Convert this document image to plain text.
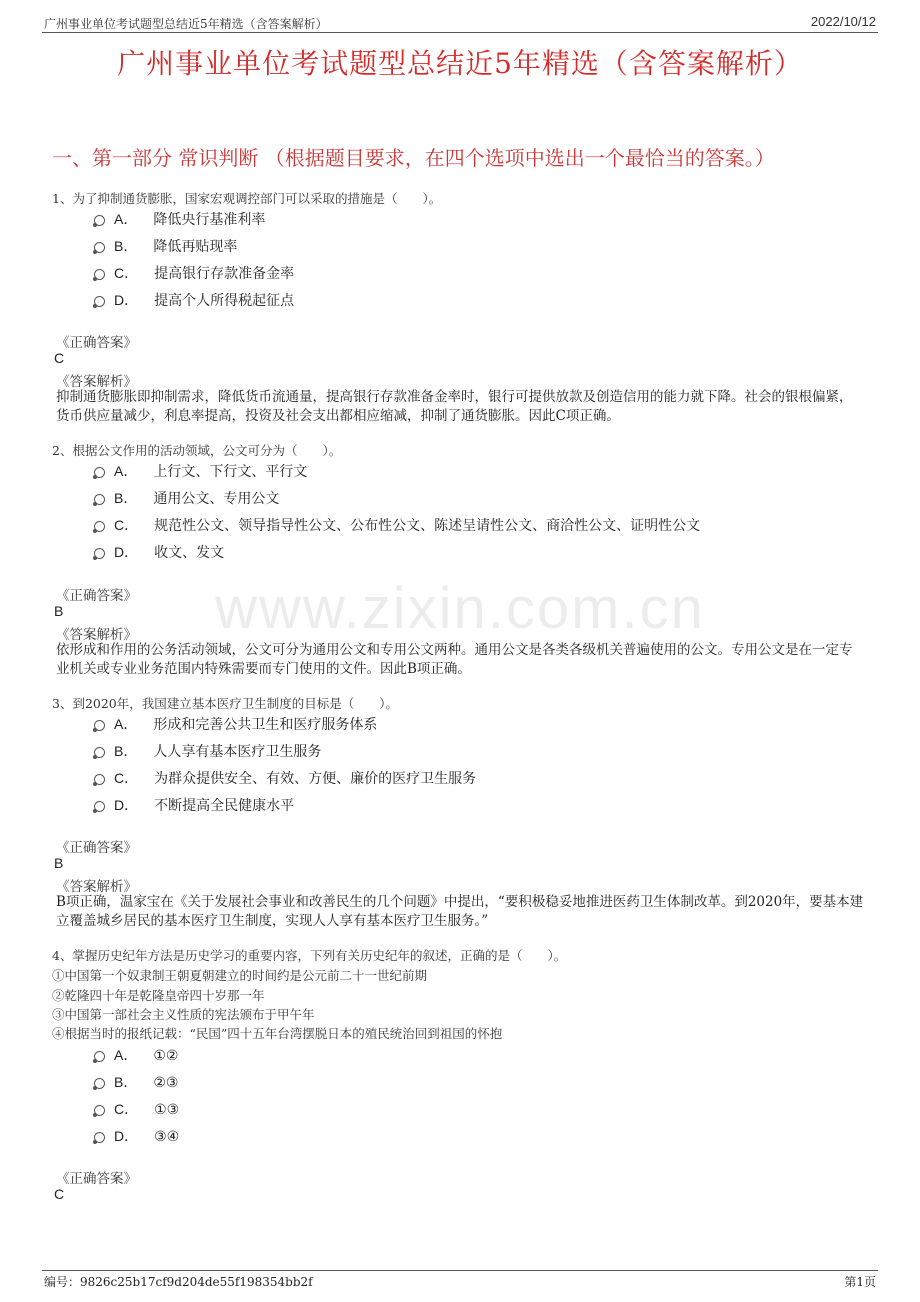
广州事业单位考试题型总结近5年精选（含答案解析）	2022/10/12
广州事业单位考试题型总结近5年精选（含答案解析）
一、第一部分 常识判断 （根据题目要求，在四个选项中选出一个最恰当的答案。）
www.zixin.com.cn
1、为了抑制通货膨胀，国家宏观调控部门可以采取的措施是（　　）。
A． 降低央行基准利率
B． 降低再贴现率
C． 提高银行存款准备金率
D． 提高个人所得税起征点
《正确答案》
C
《答案解析》
抑制通货膨胀即抑制需求，降低货币流通量，提高银行存款准备金率时，银行可提供放款及创造信用的能力就下降。社会的银根偏紧，货币供应量减少，利息率提高，投资及社会支出都相应缩减，抑制了通货膨胀。因此C项正确。
2、根据公文作用的活动领域，公文可分为（　　）。
A． 上行文、下行文、平行文
B． 通用公文、专用公文
C． 规范性公文、领导指导性公文、公布性公文、陈述呈请性公文、商洽性公文、证明性公文
D． 收文、发文
《正确答案》
B
《答案解析》
依形成和作用的公务活动领域，公文可分为通用公文和专用公文两种。通用公文是各类各级机关普遍使用的公文。专用公文是在一定专业机关或专业业务范围内特殊需要而专门使用的文件。因此B项正确。
3、到2020年，我国建立基本医疗卫生制度的目标是（　　）。
A． 形成和完善公共卫生和医疗服务体系
B． 人人享有基本医疗卫生服务
C． 为群众提供安全、有效、方便、廉价的医疗卫生服务
D． 不断提高全民健康水平
《正确答案》
B
《答案解析》
B项正确，温家宝在《关于发展社会事业和改善民生的几个问题》中提出，“要积极稳妥地推进医药卫生体制改革。到2020年，要基本建立覆盖城乡居民的基本医疗卫生制度，实现人人享有基本医疗卫生服务。”
4、掌握历史纪年方法是历史学习的重要内容，下列有关历史纪年的叙述，正确的是（　　）。
①中国第一个奴隶制王朝夏朝建立的时间约是公元前二十一世纪前期
②乾隆四十年是乾隆皇帝四十岁那一年
③中国第一部社会主义性质的宪法颁布于甲午年
④根据当时的报纸记载：“民国”四十五年台湾摆脱日本的殖民统治回到祖国的怀抱
A． ①②
B． ②③
C． ①③
D． ③④
《正确答案》
C
编号：9826c25b17cf9d204de55f198354bb2f	第1页
